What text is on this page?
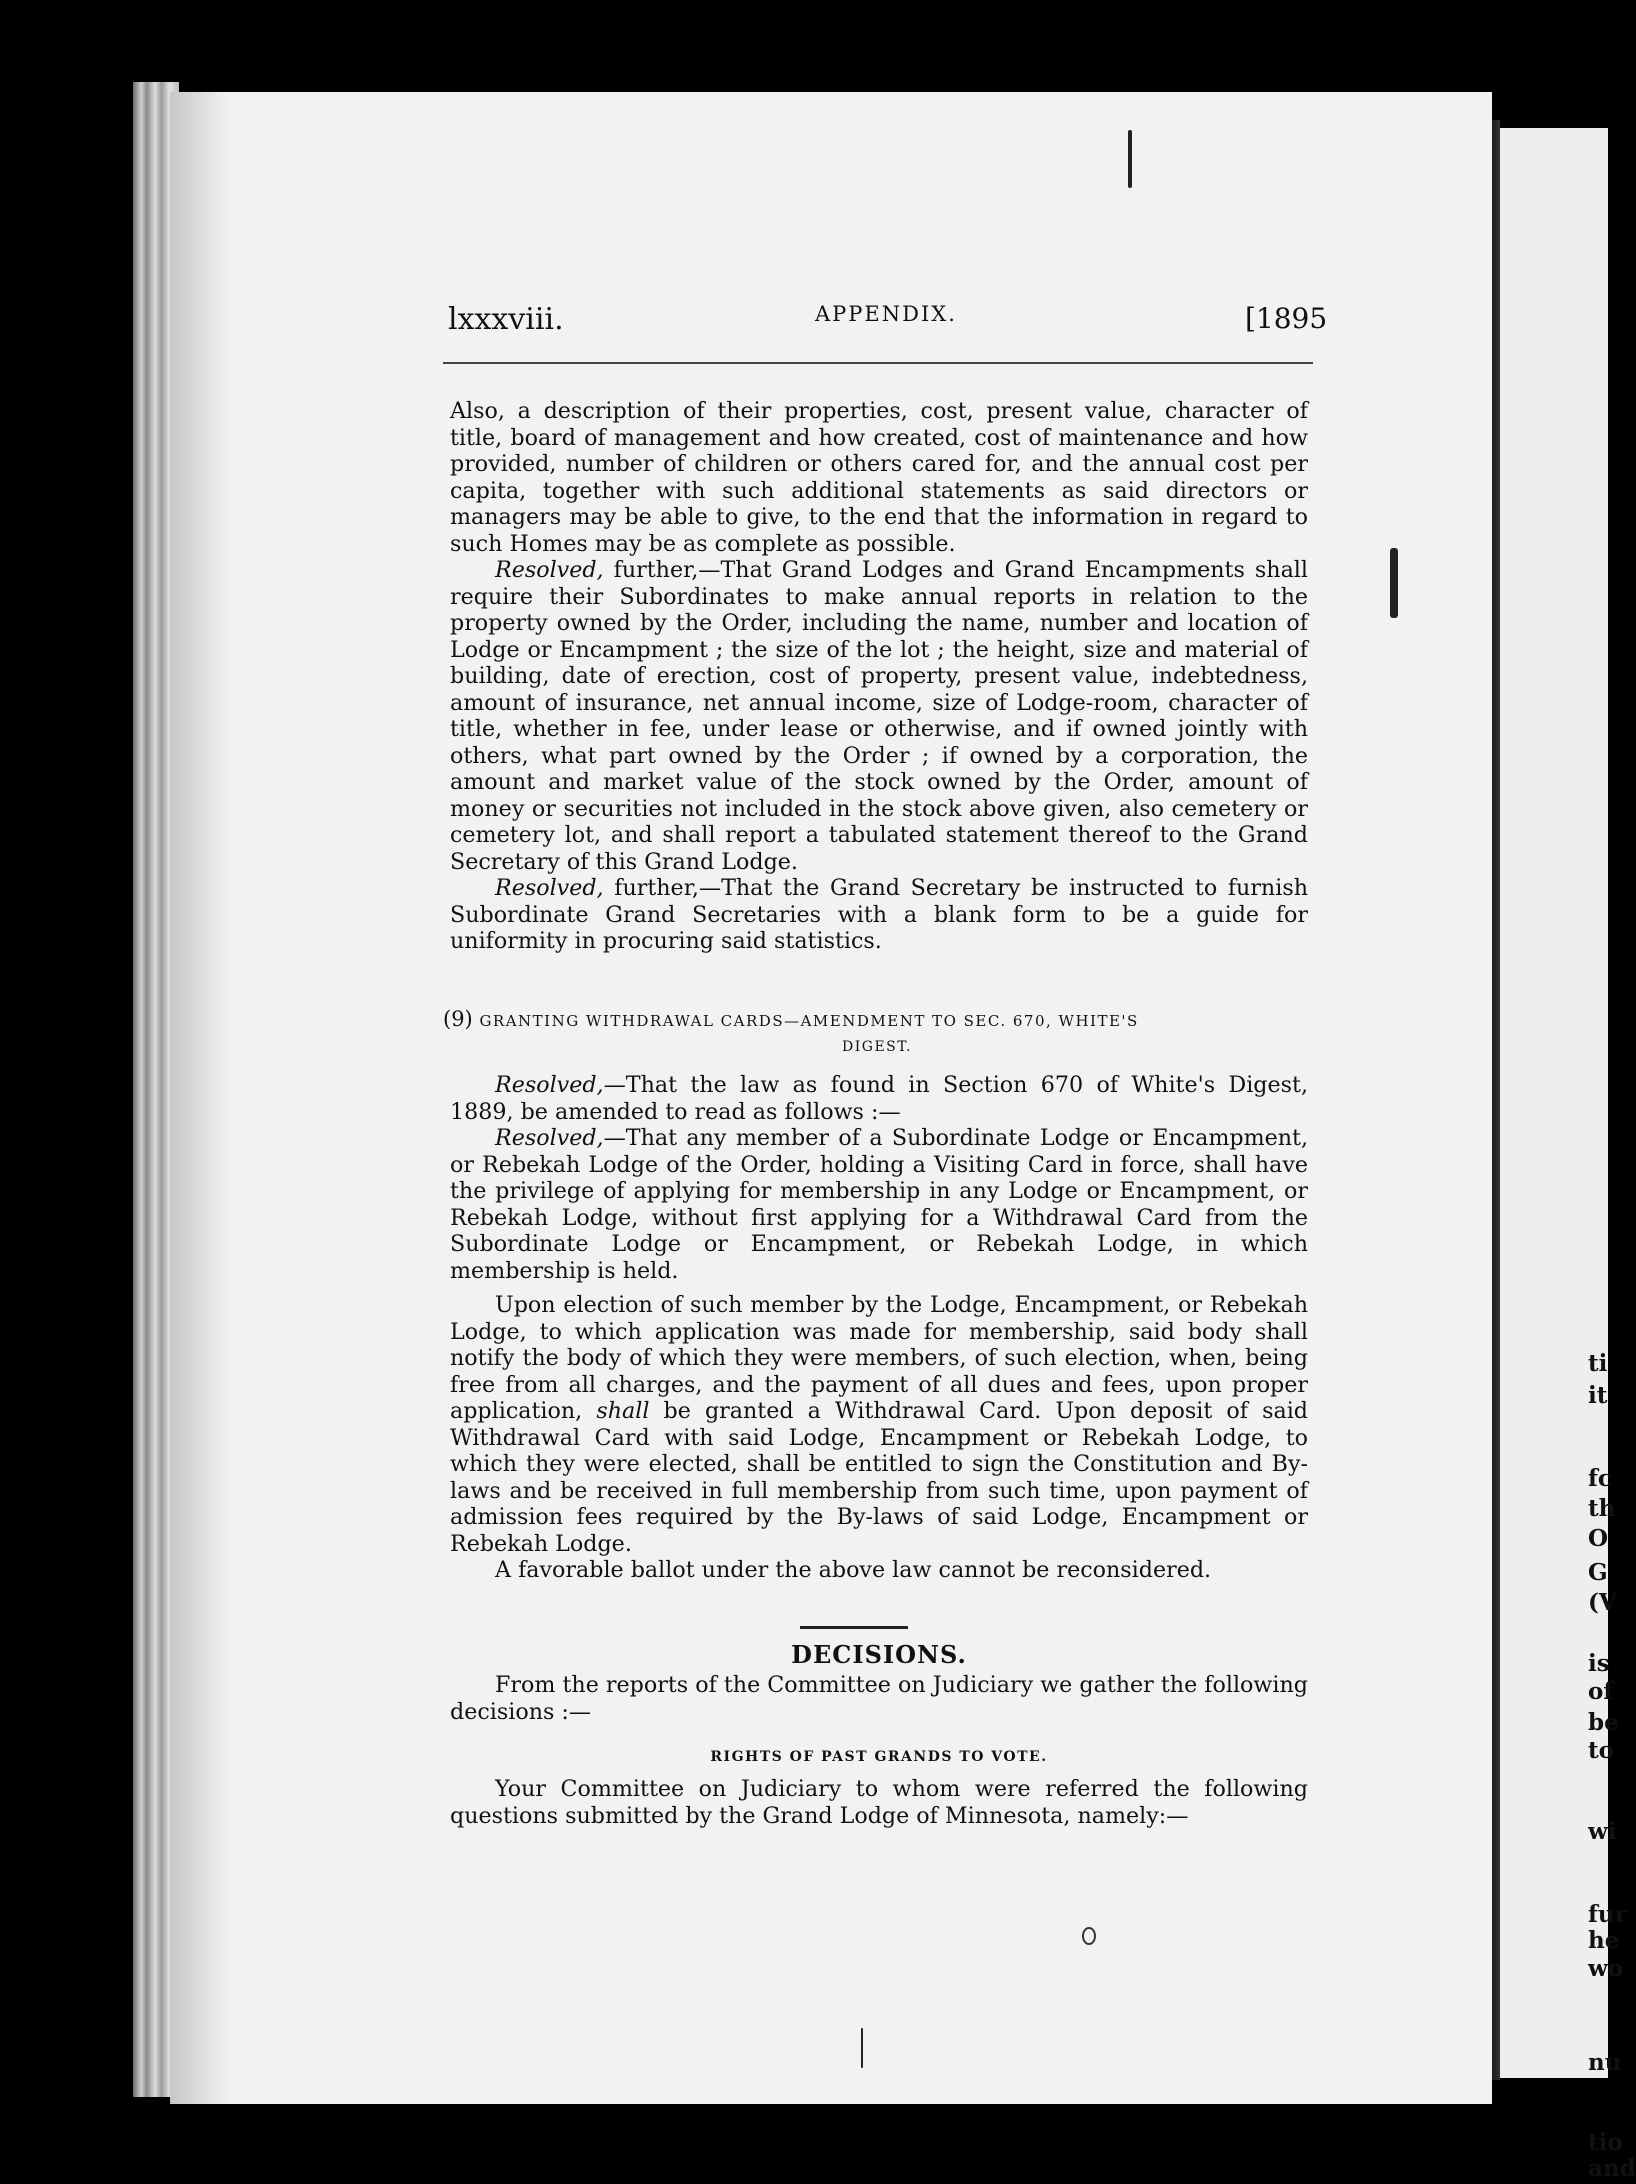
lxxxviii.	APPENDIX.	[1895

Also, a description of their properties, cost, present value, character of title, board of management and how created, cost of maintenance and how provided, number of children or others cared for, and the annual cost per capita, together with such additional statements as said directors or managers may be able to give, to the end that the information in regard to such Homes may be as complete as possible.

Resolved, further,—That Grand Lodges and Grand Encampments shall require their Subordinates to make annual reports in relation to the property owned by the Order, including the name, number and location of Lodge or Encampment ; the size of the lot ; the height, size and material of building, date of erection, cost of property, present value, indebtedness, amount of insurance, net annual income, size of Lodge-room, character of title, whether in fee, under lease or otherwise, and if owned jointly with others, what part owned by the Order ; if owned by a corporation, the amount and market value of the stock owned by the Order, amount of money or securities not included in the stock above given, also cemetery or cemetery lot, and shall report a tabulated statement thereof to the Grand Secretary of this Grand Lodge.

Resolved, further,—That the Grand Secretary be instructed to furnish Subordinate Grand Secretaries with a blank form to be a guide for uniformity in procuring said statistics.

(9) GRANTING WITHDRAWAL CARDS—AMENDMENT TO SEC. 670, WHITE'S
DIGEST.

Resolved,—That the law as found in Section 670 of White's Digest, 1889, be amended to read as follows :—

Resolved,—That any member of a Subordinate Lodge or Encampment, or Rebekah Lodge of the Order, holding a Visiting Card in force, shall have the privilege of applying for membership in any Lodge or Encampment, or Rebekah Lodge, without first applying for a Withdrawal Card from the Subordinate Lodge or Encampment, or Rebekah Lodge, in which membership is held.

Upon election of such member by the Lodge, Encampment, or Rebekah Lodge, to which application was made for membership, said body shall notify the body of which they were members, of such election, when, being free from all charges, and the payment of all dues and fees, upon proper application, shall be granted a Withdrawal Card. Upon deposit of said Withdrawal Card with said Lodge, Encampment or Rebekah Lodge, to which they were elected, shall be entitled to sign the Constitution and By-laws and be received in full membership from such time, upon payment of admission fees required by the By-laws of said Lodge, Encampment or Rebekah Lodge.

A favorable ballot under the above law cannot be reconsidered.

DECISIONS.

From the reports of the Committee on Judiciary we gather the following decisions :—

RIGHTS OF PAST GRANDS TO VOTE.

Your Committee on Judiciary to whom were referred the following questions submitted by the Grand Lodge of Minnesota, namely:—

ti
it
fc
th
O
G
(V
is
of
be
to
wi
fur
he
wo
nu
tio
and
